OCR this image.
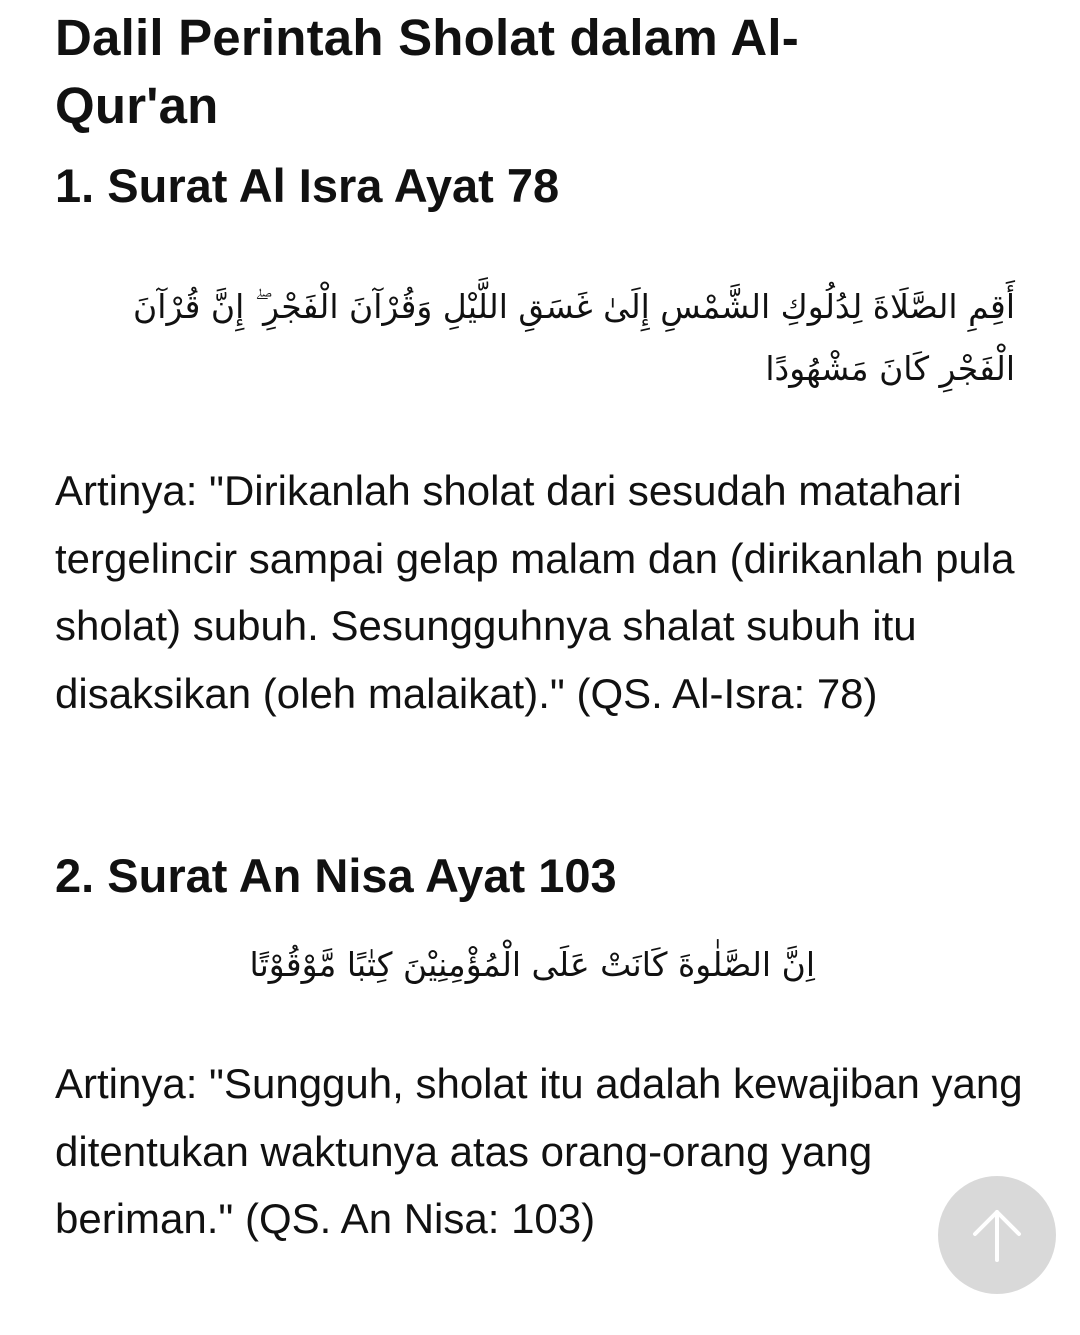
Dalil Perintah Sholat dalam Al-Qur'an
1. Surat Al Isra Ayat 78

أَقِمِ الصَّلَاةَ لِدُلُوكِ الشَّمْسِ إِلَىٰ غَسَقِ اللَّيْلِ وَقُرْآنَ الْفَجْرِ ۖ إِنَّ قُرْآنَ الْفَجْرِ كَانَ مَشْهُودًا

Artinya: "Dirikanlah sholat dari sesudah matahari tergelincir sampai gelap malam dan (dirikanlah pula sholat) subuh. Sesungguhnya shalat subuh itu disaksikan (oleh malaikat)." (QS. Al-Isra: 78)

2. Surat An Nisa Ayat 103

اِنَّ الصَّلٰوةَ كَانَتْ عَلَى الْمُؤْمِنِيْنَ كِتٰبًا مَّوْقُوْتًا

Artinya: "Sungguh, sholat itu adalah kewajiban yang ditentukan waktunya atas orang-orang yang beriman." (QS. An Nisa: 103)
